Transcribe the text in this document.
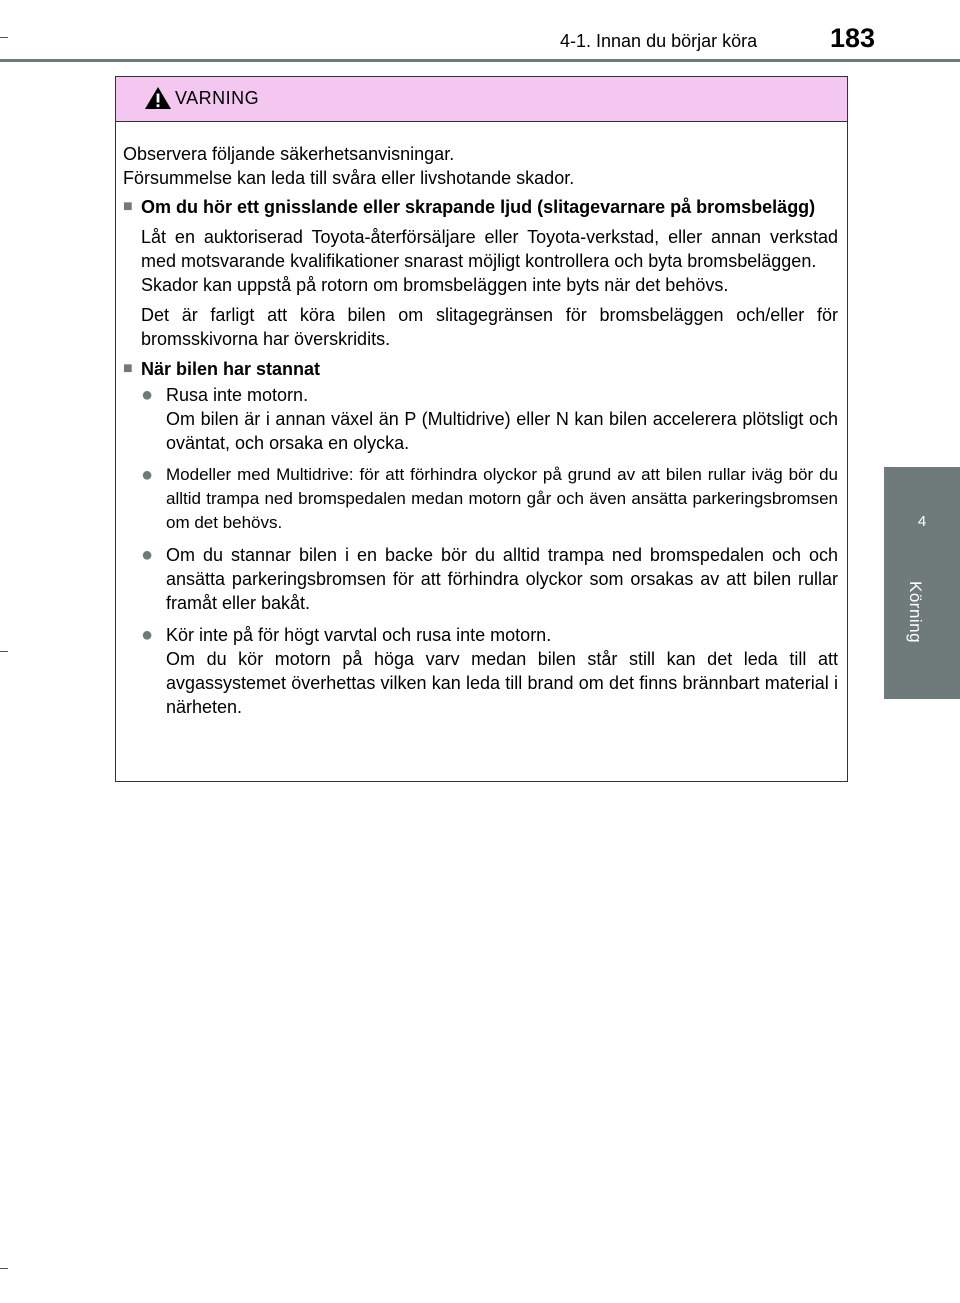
4-1. Innan du börjar köra	183
4
Körning
VARNING

Observera följande säkerhetsanvisningar.
Försummelse kan leda till svåra eller livshotande skador.

■ Om du hör ett gnisslande eller skrapande ljud (slitagevarnare på bromsbelägg)

Låt en auktoriserad Toyota-återförsäljare eller Toyota-verkstad, eller annan verkstad med motsvarande kvalifikationer snarast möjligt kontrollera och byta bromsbeläggen.
Skador kan uppstå på rotorn om bromsbeläggen inte byts när det behövs.

Det är farligt att köra bilen om slitagegränsen för bromsbeläggen och/eller för bromsskivorna har överskridits.

■ När bilen har stannat
● Rusa inte motorn.
Om bilen är i annan växel än P (Multidrive) eller N kan bilen accelerera plötsligt och oväntat, och orsaka en olycka.
● Modeller med Multidrive: för att förhindra olyckor på grund av att bilen rullar iväg bör du alltid trampa ned bromspedalen medan motorn går och även ansätta parkeringsbromsen om det behövs.
● Om du stannar bilen i en backe bör du alltid trampa ned bromspedalen och och ansätta parkeringsbromsen för att förhindra olyckor som orsakas av att bilen rullar framåt eller bakåt.
● Kör inte på för högt varvtal och rusa inte motorn.
Om du kör motorn på höga varv medan bilen står still kan det leda till att avgassystemet överhettas vilken kan leda till brand om det finns brännbart material i närheten.
